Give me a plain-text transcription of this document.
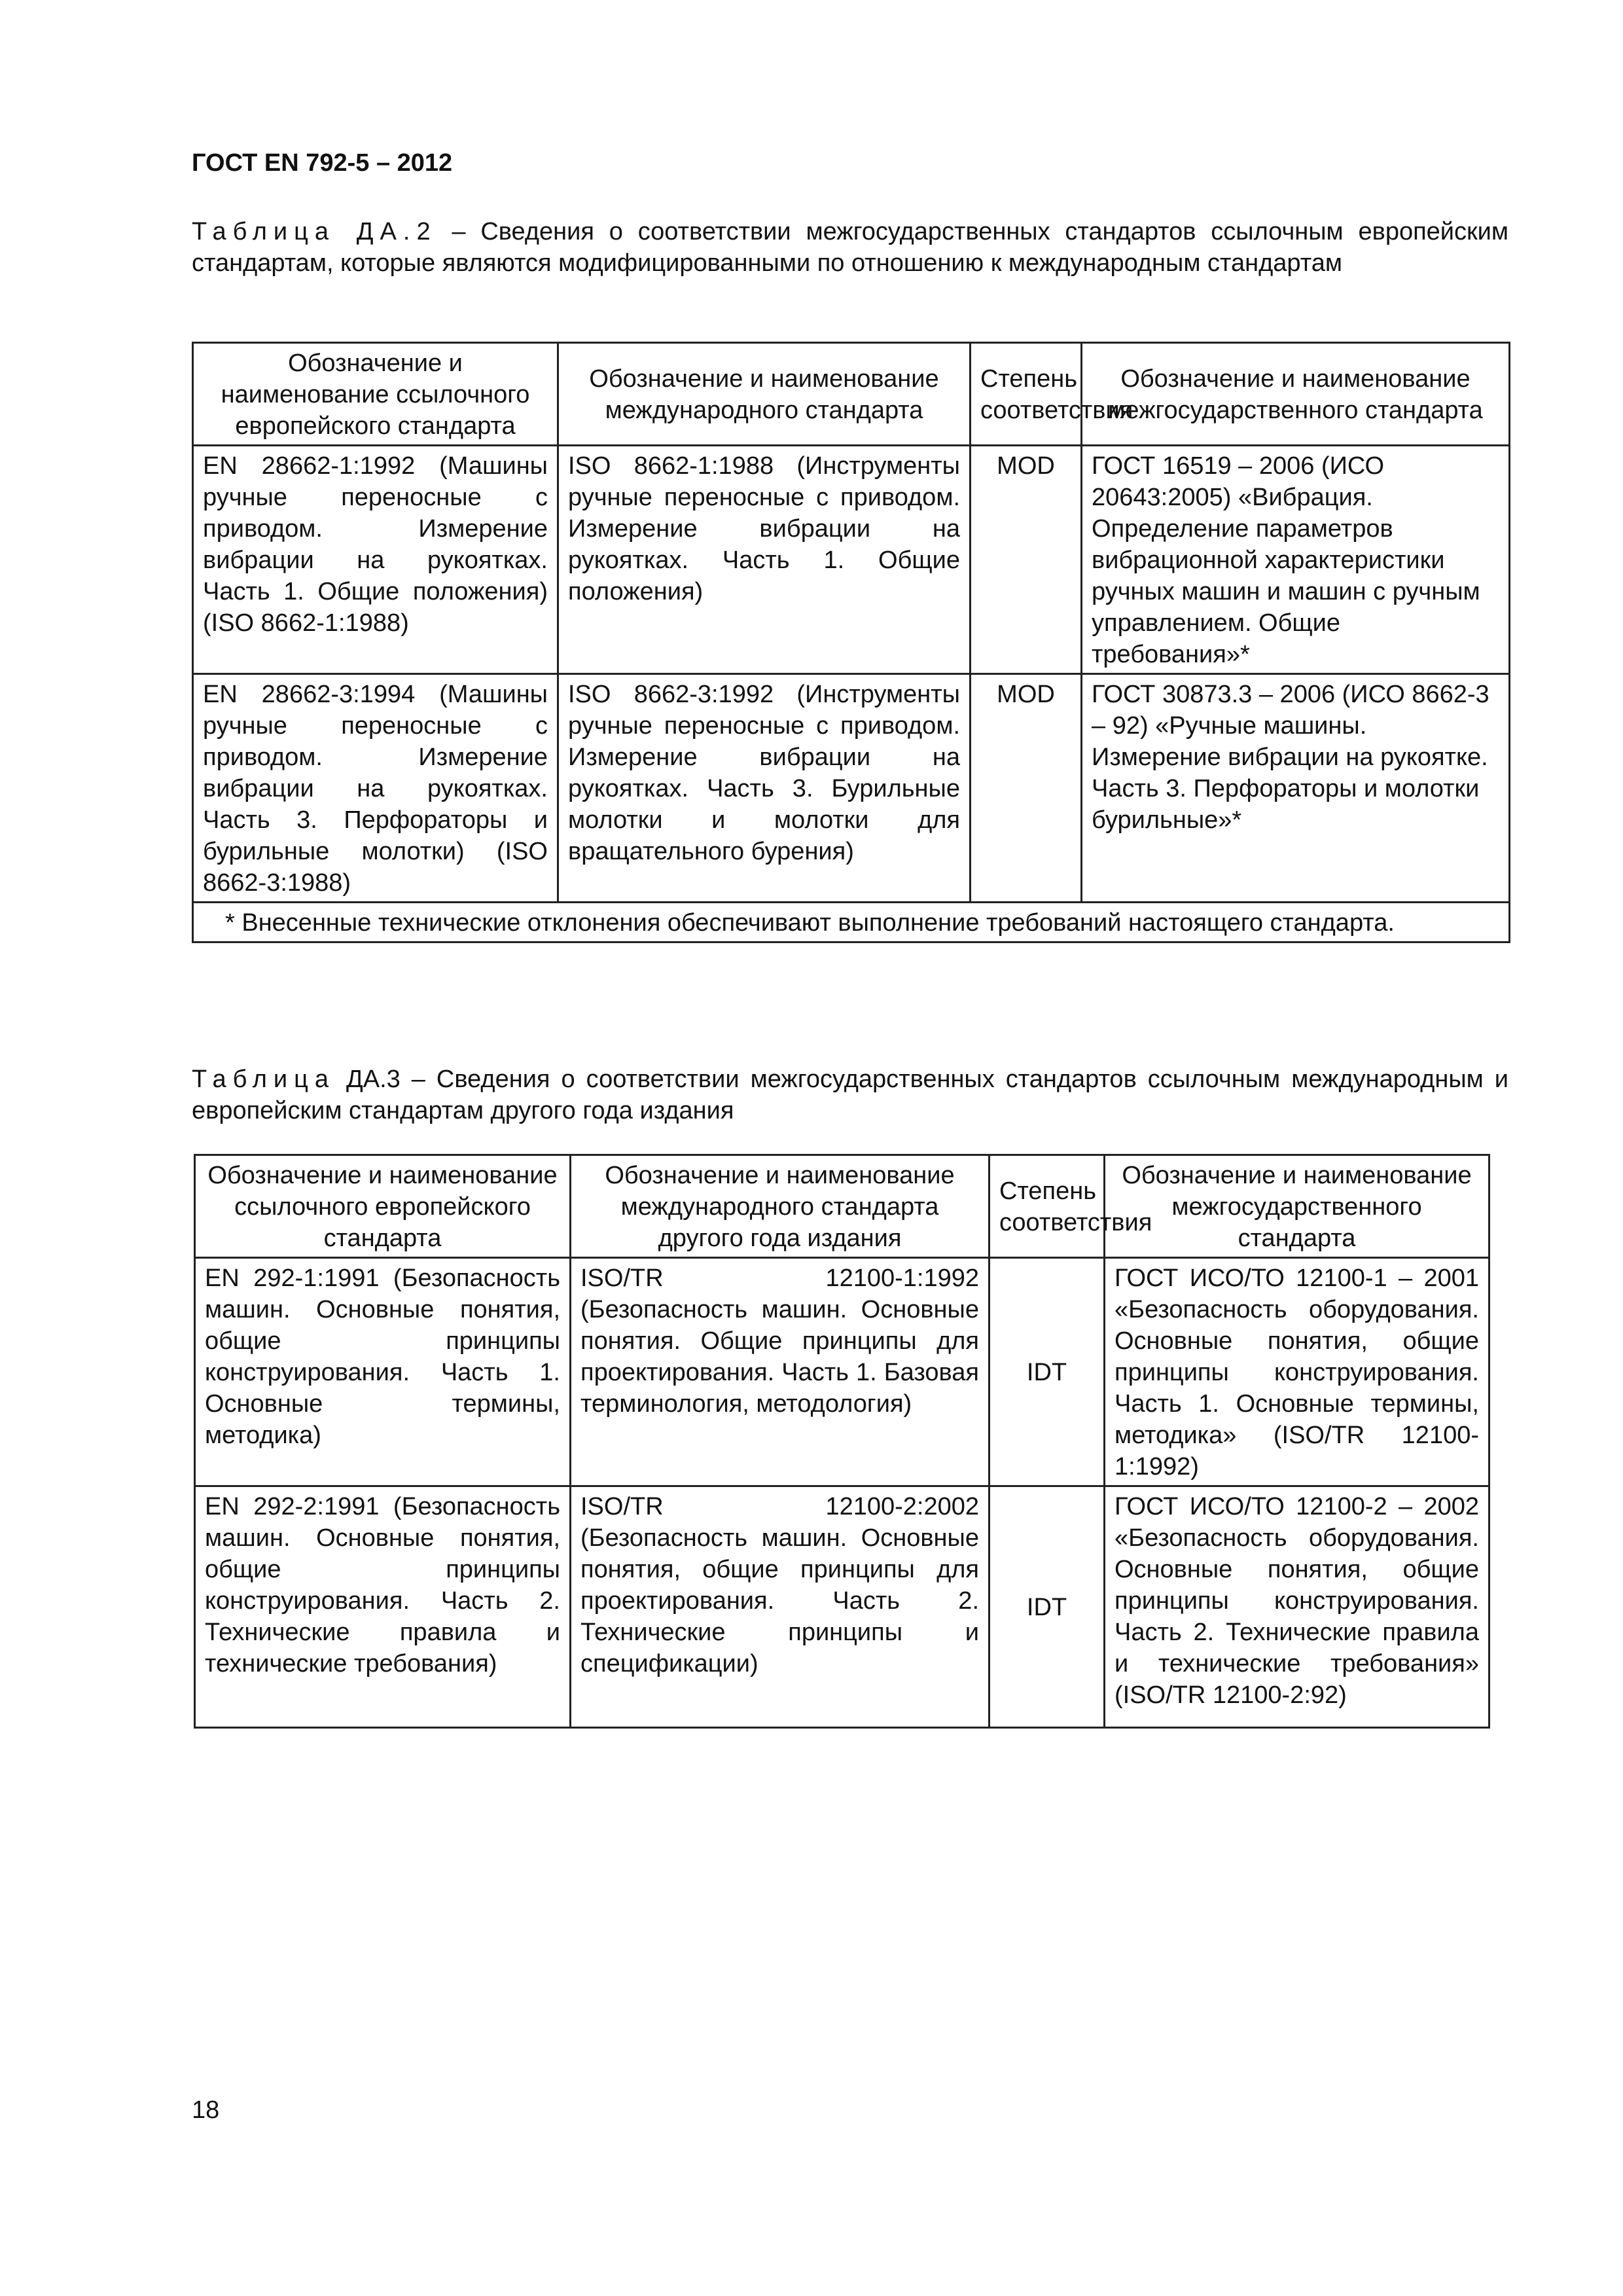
ГОСТ EN 792-5 – 2012
Таблица ДА.2 – Сведения о соответствии межгосударственных стандартов ссылочным европейским стандартам, которые являются модифицированными по отношению к международным стандартам
Обозначение и наименование ссылочного европейского стандарта	Обозначение и наименование международного стандарта	Степень соответствия	Обозначение и наименование межгосударственного стандарта
EN 28662-1:1992 (Машины ручные переносные с приводом. Измерение вибрации на рукоятках. Часть 1. Общие положения) (ISO 8662-1:1988)	ISO 8662-1:1988 (Инструменты ручные переносные с приводом. Измерение вибрации на рукоятках. Часть 1. Общие положения)	MOD	ГОСТ 16519 – 2006 (ИСО 20643:2005) «Вибрация. Определение параметров вибрационной характеристики ручных машин и машин с ручным управлением. Общие требования»*
EN 28662-3:1994 (Машины ручные переносные с приводом. Измерение вибрации на рукоятках. Часть 3. Перфораторы и бурильные молотки) (ISO 8662-3:1988)	ISO 8662-3:1992 (Инструменты ручные переносные с приводом. Измерение вибрации на рукоятках. Часть 3. Бурильные молотки и молотки для вращательного бурения)	MOD	ГОСТ 30873.3 – 2006 (ИСО 8662-3 – 92) «Ручные машины. Измерение вибрации на рукоятке. Часть 3. Перфораторы и молотки бурильные»*
* Внесенные технические отклонения обеспечивают выполнение требований настоящего стандарта.			
Таблица ДА.3 – Сведения о соответствии межгосударственных стандартов ссылочным международным и европейским стандартам другого года издания
Обозначение и наименование ссылочного европейского стандарта	Обозначение и наименование международного стандарта другого года издания	Степень соответствия	Обозначение и наименование межгосударственного стандарта
EN 292-1:1991 (Безопасность машин. Основные понятия, общие принципы конструирования. Часть 1. Основные термины, методика)	ISO/TR 12100-1:1992 (Безопасность машин. Основные понятия. Общие принципы для проектирования. Часть 1. Базовая терминология, методология)	IDT	ГОСТ ИСО/ТО 12100-1 – 2001 «Безопасность оборудования. Основные понятия, общие принципы конструирования. Часть 1. Основные термины, методика» (ISO/TR 12100-1:1992)
EN 292-2:1991 (Безопасность машин. Основные понятия, общие принципы конструирования. Часть 2. Технические правила и технические требования)	ISO/TR 12100-2:2002 (Безопасность машин. Основные понятия, общие принципы для проектирования. Часть 2. Технические принципы и спецификации)	IDT	ГОСТ ИСО/ТО 12100-2 – 2002 «Безопасность оборудования. Основные понятия, общие принципы конструирования. Часть 2. Технические правила и технические требования» (ISO/TR 12100-2:92)
18
